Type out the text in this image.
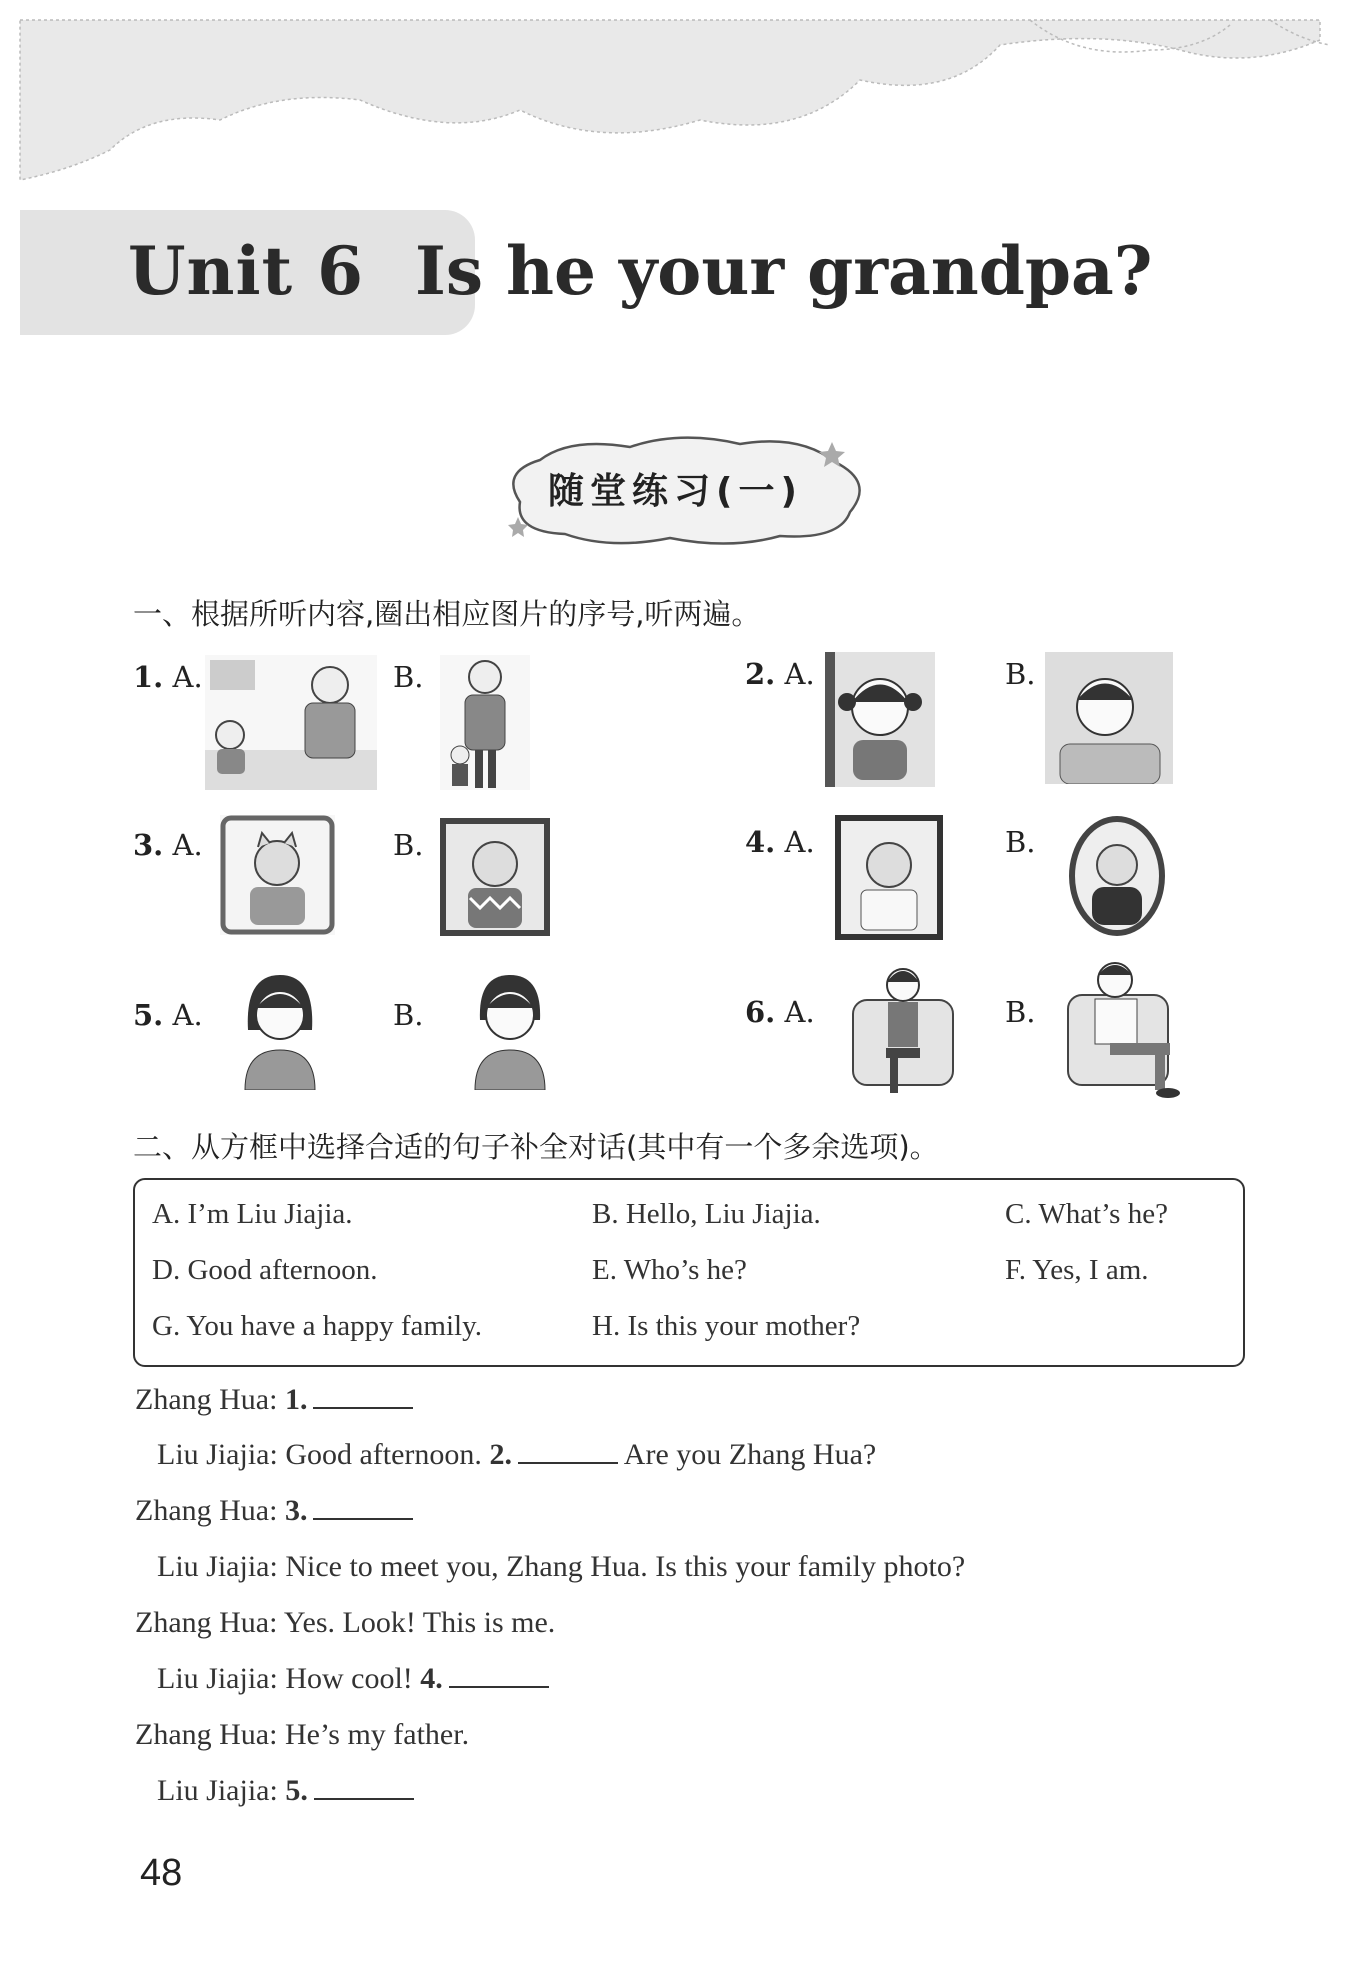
Unit 6 Is he your grandpa?
随堂练习(一)
一、根据所听内容,圈出相应图片的序号,听两遍。
1. A.	B.	2. A.	B.
3. A.	B.	4. A.	B.
5. A.	B.	6. A.	B.
二、从方框中选择合适的句子补全对话(其中有一个多余选项)。
A. I’m Liu Jiajia.	B. Hello, Liu Jiajia.	C. What’s he?
D. Good afternoon.	E. Who’s he?	F. Yes, I am.
G. You have a happy family.	H. Is this your mother?
Zhang Hua: 1.
Liu Jiajia: Good afternoon. 2.	Are you Zhang Hua?
Zhang Hua: 3.
Liu Jiajia: Nice to meet you, Zhang Hua. Is this your family photo?
Zhang Hua: Yes. Look! This is me.
Liu Jiajia: How cool! 4.
Zhang Hua: He’s my father.
Liu Jiajia: 5.
48
